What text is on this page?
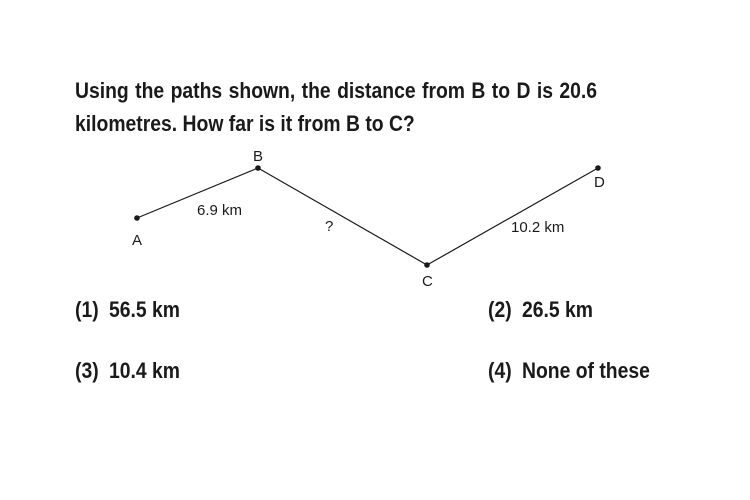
Using the paths shown, the distance from B to D is 20.6
kilometres. How far is it from B to C?
A
B
C
D
6.9 km
?	10.2 km
(1) 56.5 km	(2) 26.5 km
(3) 10.4 km	(4) None of these
